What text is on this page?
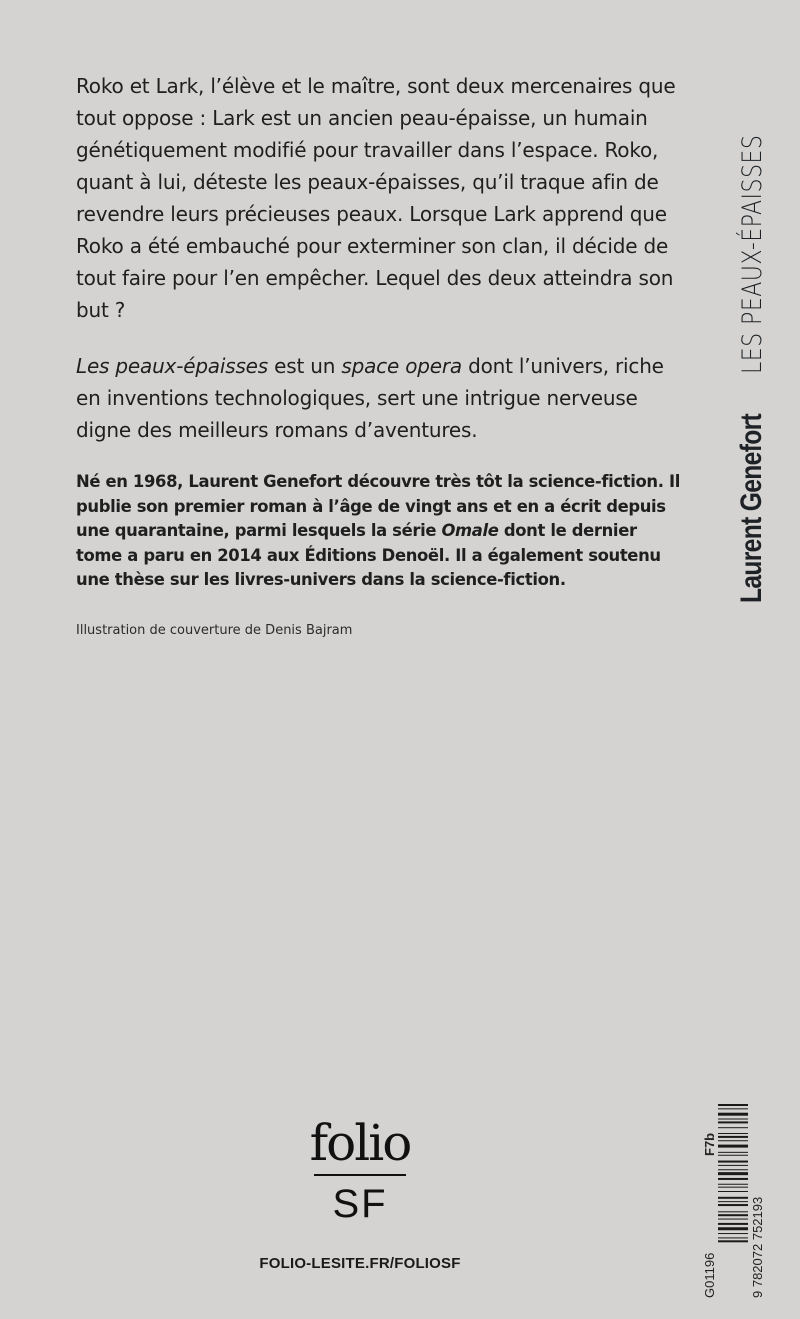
Roko et Lark, l’élève et le maître, sont deux mercenaires que tout oppose : Lark est un ancien peau-épaisse, un humain génétiquement modifié pour travailler dans l’espace. Roko, quant à lui, déteste les peaux-épaisses, qu’il traque afin de revendre leurs précieuses peaux. Lorsque Lark apprend que Roko a été embauché pour exterminer son clan, il décide de tout faire pour l’en empêcher. Lequel des deux atteindra son but ?

Les peaux-épaisses est un space opera dont l’univers, riche en inventions technologiques, sert une intrigue nerveuse digne des meilleurs romans d’aventures.

Né en 1968, Laurent Genefort découvre très tôt la science-fiction. Il publie son premier roman à l’âge de vingt ans et en a écrit depuis une quarantaine, parmi lesquels la série Omale dont le dernier tome a paru en 2014 aux Éditions Denoël. Il a également soutenu une thèse sur les livres-univers dans la science-fiction.

Illustration de couverture de Denis Bajram

Laurent Genefort
LES PEAUX-ÉPAISSES
folio
SF
FOLIO-LESITE.FR/FOLIOSF	G01196
F7b
9 782072 752193
